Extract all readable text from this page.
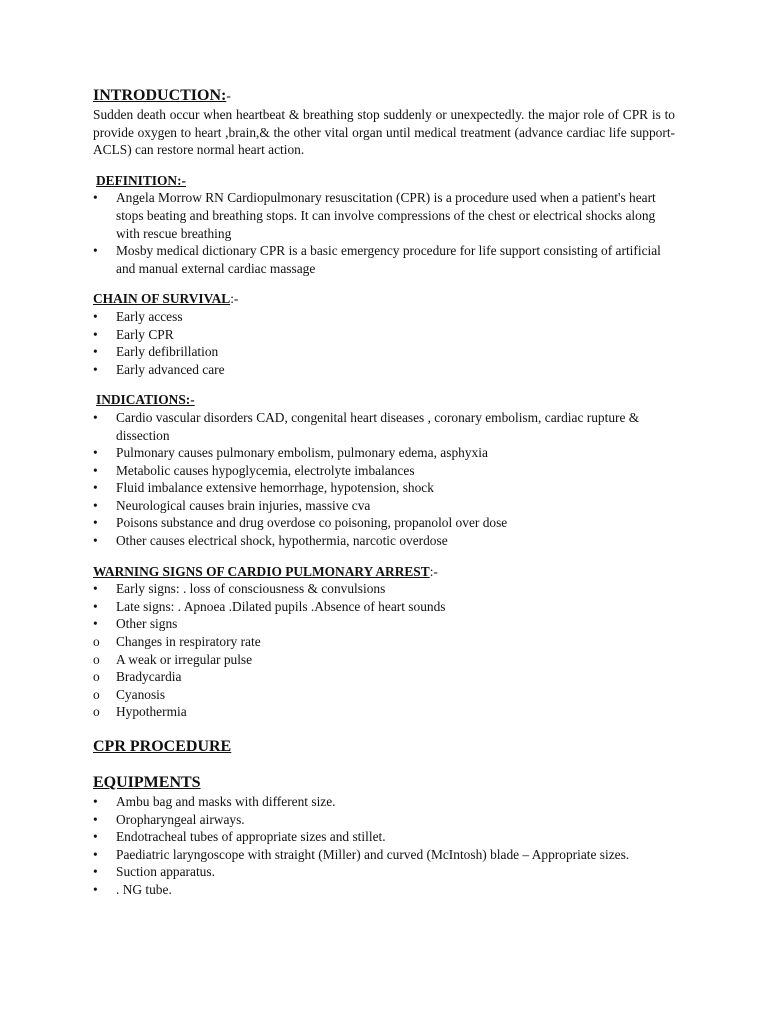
INTRODUCTION:-

Sudden death occur when heartbeat & breathing stop suddenly or unexpectedly. the major role of CPR is to provide oxygen to heart ,brain,& the other vital organ until medical treatment (advance cardiac life support-ACLS) can restore normal heart action.

DEFINITION:-
•	Angela Morrow RN Cardiopulmonary resuscitation (CPR) is a procedure used when a patient's heart stops beating and breathing stops. It can involve compressions of the chest or electrical shocks along with rescue breathing
•	Mosby medical dictionary CPR is a basic emergency procedure for life support consisting of artificial and manual external cardiac massage
CHAIN OF SURVIVAL:-
•	Early access
•	Early CPR
•	Early defibrillation
•	Early advanced care
INDICATIONS:-
•	Cardio vascular disorders CAD, congenital heart diseases , coronary embolism, cardiac rupture & dissection
•	Pulmonary causes pulmonary embolism, pulmonary edema, asphyxia
•	Metabolic causes hypoglycemia, electrolyte imbalances
•	Fluid imbalance extensive hemorrhage, hypotension, shock
•	Neurological causes brain injuries, massive cva
•	Poisons substance and drug overdose co poisoning, propanolol over dose
•	Other causes electrical shock, hypothermia, narcotic overdose
WARNING SIGNS OF CARDIO PULMONARY ARREST:-
•	Early signs: . loss of consciousness & convulsions
•	Late signs: . Apnoea .Dilated pupils .Absence of heart sounds
•	Other signs
o	Changes in respiratory rate
o	A weak or irregular pulse
o	Bradycardia
o	Cyanosis
o	Hypothermia
CPR PROCEDURE
EQUIPMENTS
•	Ambu bag and masks with different size.
•	Oropharyngeal airways.
•	Endotracheal tubes of appropriate sizes and stillet.
•	Paediatric laryngoscope with straight (Miller) and curved (McIntosh) blade – Appropriate sizes.
•	Suction apparatus.
•	. NG tube.
